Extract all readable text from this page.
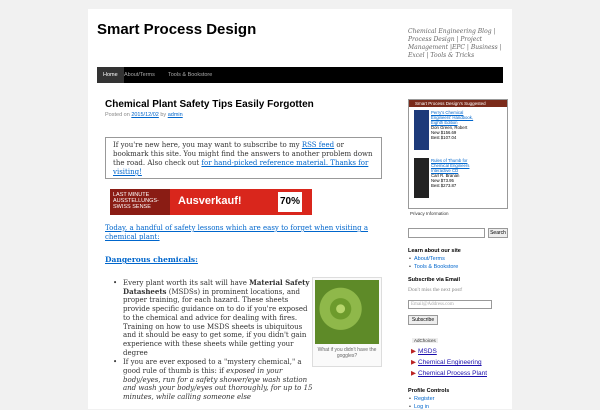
Smart Process Design	Chemical Engineering Blog | Process Design | Project Management |EPC | Business | Excel | Tools & Tricks
Home	About/Terms	Tools & Bookstore
Chemical Plant Safety Tips Easily Forgotten
Posted on 2015/12/02 by admin
If you're new here, you may want to subscribe to my RSS feed or bookmark this site. You might find the answers to another problem down the road. Also check out for hand-picked reference material. Thanks for visiting!
LAST MINUTE AUSSTELLUNGS- SWISS SENSE	Ausverkauf!	70%
Today, a handful of safety lessons which are easy to forget when visiting a chemical plant:
Dangerous chemicals:
• Every plant worth its salt will have Material Safety Datasheets (MSDSs) in prominent locations, and proper training, for each hazard. These sheets provide specific guidance on to do if you're exposed to the chemical and advice for dealing with fires. Training on how to use MSDS sheets is ubiquitous and it should be easy to get some, if you didn't gain experience with these sheets while getting your degree
• If you are ever exposed to a "mystery chemical," a good rule of thumb is this: if exposed in your body/eyes, run for a safety shower/eye wash station and wash your body/eyes out thoroughly, for up to 15 minutes, while calling someone else
What if you didn't have the goggles?
Smart Process Design's Suggested
Perry's Chemical Engineers' Handbook, Eighth Edition
Don Green, Robert
New $156.69
Best $107.04
Rules of Thumb for Chemical Engineers Interactive CD
Carl R. Branan
New $73.95
Best $273.87
Privacy Information
Search
Learn about our site
• About/Terms
• Tools & Bookstore
Subscribe via Email
Don't miss the next post!
Email@Address.com
Subscribe
AdChoices
▶ MSDS
▶ Chemical Engineering
▶ Chemical Process Plant
Profile Controls
• Register
• Log in
